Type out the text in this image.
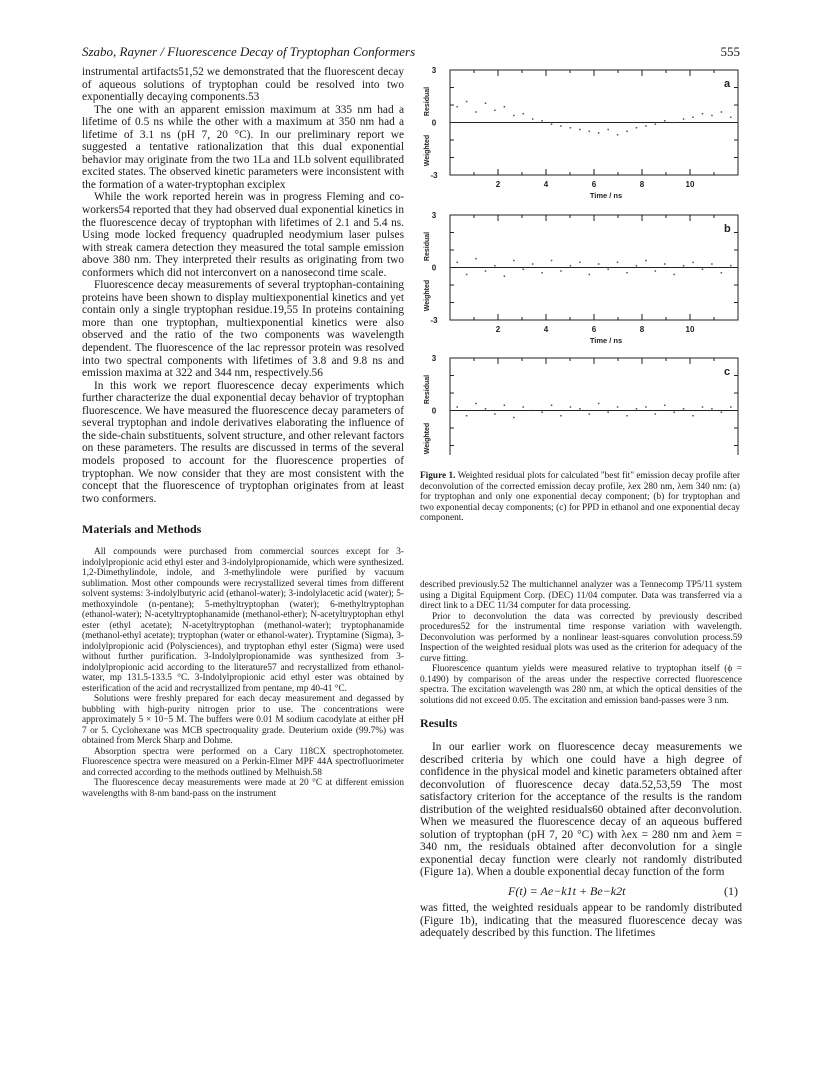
Szabo, Rayner / Fluorescence Decay of Tryptophan Conformers	555

instrumental artifacts51,52 we demonstrated that the fluorescent decay of aqueous solutions of tryptophan could be resolved into two exponentially decaying components.53

The one with an apparent emission maximum at 335 nm had a lifetime of 0.5 ns while the other with a maximum at 350 nm had a lifetime of 3.1 ns (pH 7, 20 °C). In our preliminary report we suggested a tentative rationalization that this dual exponential behavior may originate from the two 1La and 1Lb solvent equilibrated excited states. The observed kinetic parameters were inconsistent with the formation of a water-tryptophan exciplex

While the work reported herein was in progress Fleming and co-workers54 reported that they had observed dual exponential kinetics in the fluorescence decay of tryptophan with lifetimes of 2.1 and 5.4 ns. Using mode locked frequency quadrupled neodymium laser pulses with streak camera detection they measured the total sample emission above 380 nm. They interpreted their results as originating from two conformers which did not interconvert on a nanosecond time scale.

Fluorescence decay measurements of several tryptophan-containing proteins have been shown to display multiexponential kinetics and yet contain only a single tryptophan residue.19,55 In proteins containing more than one tryptophan, multiexponential kinetics were also observed and the ratio of the two components was wavelength dependent. The fluorescence of the lac repressor protein was resolved into two spectral components with lifetimes of 3.8 and 9.8 ns and emission maxima at 322 and 344 nm, respectively.56

In this work we report fluorescence decay experiments which further characterize the dual exponential decay behavior of tryptophan fluorescence. We have measured the fluorescence decay parameters of several tryptophan and indole derivatives elaborating the influence of the side-chain substituents, solvent structure, and other relevant factors on these parameters. The results are discussed in terms of the several models proposed to account for the fluorescence properties of tryptophan. We now consider that they are most consistent with the concept that the fluorescence of tryptophan originates from at least two conformers.

Materials and Methods

All compounds were purchased from commercial sources except for 3-indolylpropionic acid ethyl ester and 3-indolylpropionamide, which were synthesized. 1,2-Dimethylindole, indole, and 3-methylindole were purified by vacuum sublimation. Most other compounds were recrystallized several times from different solvent systems: 3-indolylbutyric acid (ethanol-water); 3-indolylacetic acid (water); 5-methoxyindole (n-pentane); 5-methyltryptophan (water); 6-methyltryptophan (ethanol-water); N-acetyltryptophanamide (methanol-ether); N-acetyltryptophan ethyl ester (ethyl acetate); N-acetyltryptophan (methanol-water); tryptophanamide (methanol-ethyl acetate); tryptophan (water or ethanol-water). Tryptamine (Sigma), 3-indolylpropionic acid (Polysciences), and tryptophan ethyl ester (Sigma) were used without further purification. 3-Indolylpropionamide was synthesized from 3-indolylpropionic acid according to the literature57 and recrystallized from ethanol-water, mp 131.5-133.5 °C. 3-Indolylpropionic acid ethyl ester was obtained by esterification of the acid and recrystallized from pentane, mp 40-41 °C.

Solutions were freshly prepared for each decay measurement and degassed by bubbling with high-purity nitrogen prior to use. The concentrations were approximately 5 × 10−5 M. The buffers were 0.01 M sodium cacodylate at either pH 7 or 5. Cyclohexane was MCB spectroquality grade. Deuterium oxide (99.7%) was obtained from Merck Sharp and Dohme.

Absorption spectra were performed on a Cary 118CX spectrophotometer. Fluorescence spectra were measured on a Perkin-Elmer MPF 44A spectrofluorimeter and corrected according to the methods outlined by Melhuish.58

The fluorescence decay measurements were made at 20 °C at different emission wavelengths with 8-nm band-pass on the instrument

2	4	6	8	10
3
0
-3
a
Time / ns
Residual
Weighted
2	4	6	8	10
3
0
-3
b
Time / ns
Residual
Weighted
3
0
c
Residual
Weighted
Figure 1. Weighted residual plots for calculated "best fit" emission decay profile after deconvolution of the corrected emission decay profile, λex 280 nm, λem 340 nm: (a) for tryptophan and only one exponential decay component; (b) for tryptophan and two exponential decay components; (c) for PPD in ethanol and one exponential decay component.

described previously.52 The multichannel analyzer was a Tennecomp TP5/11 system using a Digital Equipment Corp. (DEC) 11/04 computer. Data was transferred via a direct link to a DEC 11/34 computer for data processing.

Prior to deconvolution the data was corrected by previously described procedures52 for the instrumental time response variation with wavelength. Deconvolution was performed by a nonlinear least-squares convolution process.59 Inspection of the weighted residual plots was used as the criterion for adequacy of the curve fitting.

Fluorescence quantum yields were measured relative to tryptophan itself (ϕ = 0.1490) by comparison of the areas under the respective corrected fluorescence spectra. The excitation wavelength was 280 nm, at which the optical densities of the solutions did not exceed 0.05. The excitation and emission band-passes were 3 nm.

Results

In our earlier work on fluorescence decay measurements we described criteria by which one could have a high degree of confidence in the physical model and kinetic parameters obtained after deconvolution of fluorescence decay data.52,53,59 The most satisfactory criterion for the acceptance of the results is the random distribution of the weighted residuals60 obtained after deconvolution. When we measured the fluorescence decay of an aqueous buffered solution of tryptophan (pH 7, 20 °C) with λex = 280 nm and λem = 340 nm, the residuals obtained after deconvolution for a single exponential decay function were clearly not randomly distributed (Figure 1a). When a double exponential decay function of the form

F(t) = Ae−k1t + Be−k2t	(1)

was fitted, the weighted residuals appear to be randomly distributed (Figure 1b), indicating that the measured fluorescence decay was adequately described by this function. The lifetimes
